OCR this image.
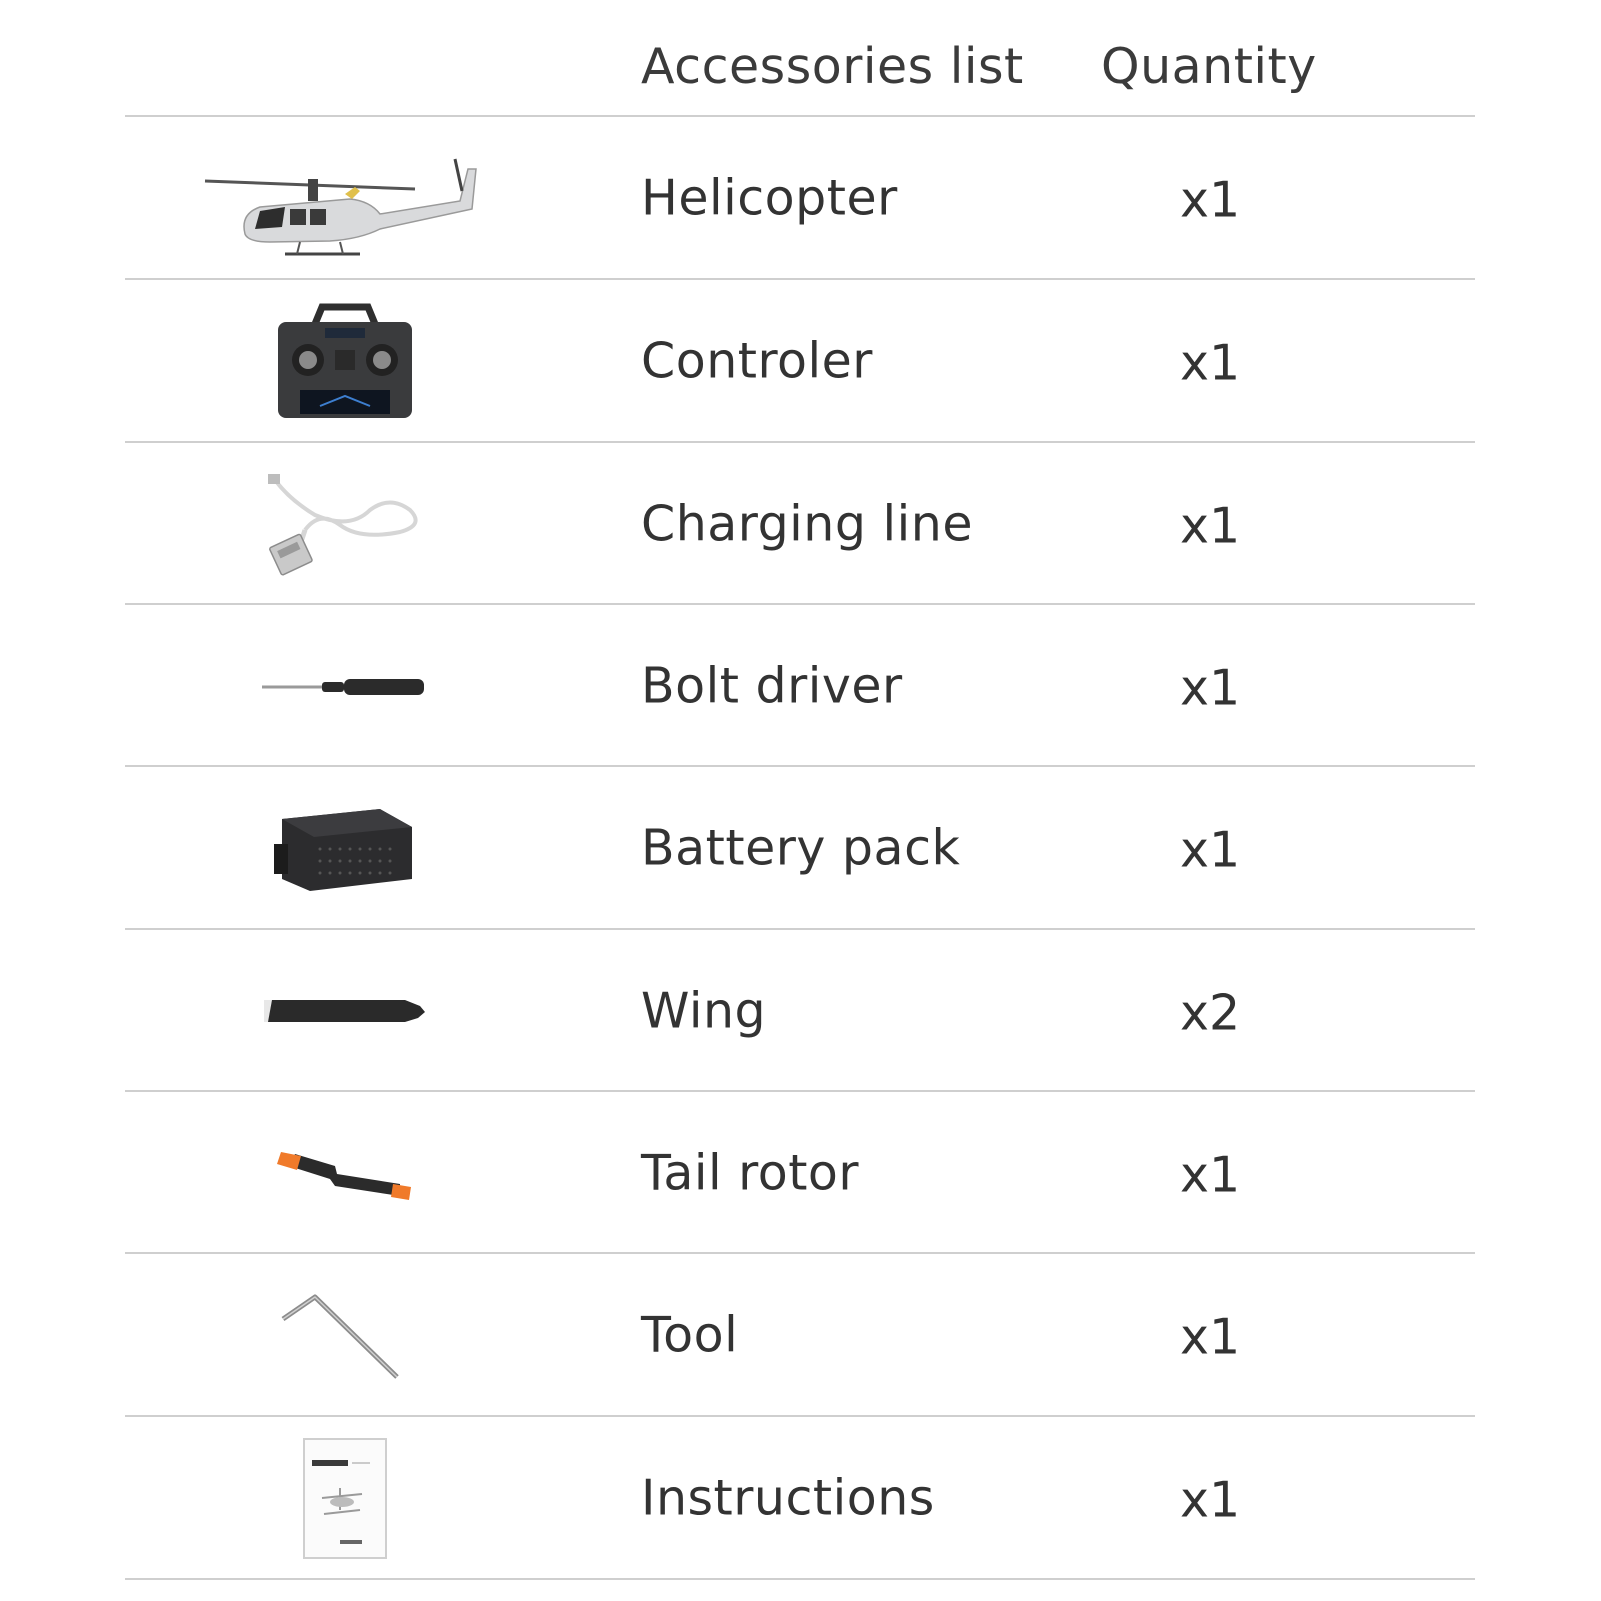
Accessories list Quantity
Helicopter	x1
Controler	x1
Charging line	x1
Bolt driver	x1
Battery pack	x1
Wing	x2
Tail rotor	x1
Tool	x1
Instructions	x1
